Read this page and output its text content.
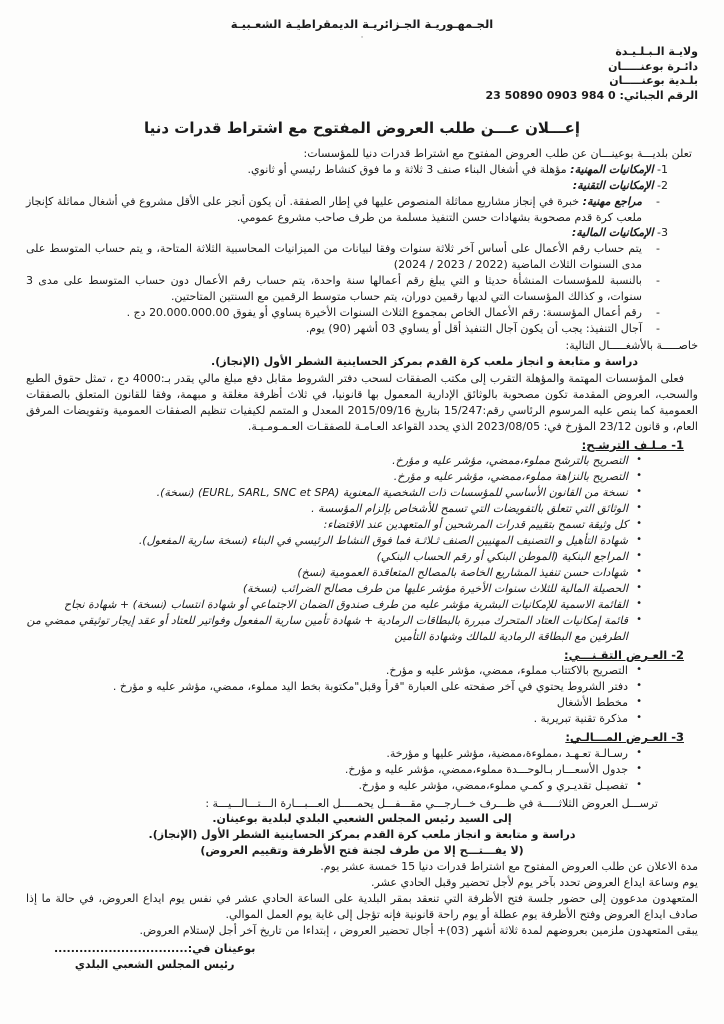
الجـمهـوريـة الجـزائريـة الديمقراطيـة الشعـبيـة
·
ولايـة الـبـلـيـدة
دائـرة بوعنـــــان
بلـدية بوعنـــــان
الرقم الجبائي: 0 984 0903 50890 23
إعـــلان عـــن طلب العروض المفتوح مع اشتراط قدرات دنيا
تعلن بلديـــة بوعينـــان عن طلب العروض المفتوح مع اشتراط قدرات دنيا للمؤسسات:
1- الإمكانيات المهنية: مؤهلة في أشغال البناء صنف 3 ثلاثة و ما فوق كنشاط رئيسي أو ثانوي.
2- الإمكانيات التقنية:
- مراجع مهنية: خبرة في إنجاز مشاريع مماثلة المنصوص عليها في إطار الصفقة. أن يكون أنجز على الأقل مشروع في أشغال مماثلة كإنجاز ملعب كرة قدم مصحوبة بشهادات حسن التنفيذ مسلمة من طرف صاحب مشروع عمومي.
3- الإمكانيات المالية:
- يتم حساب رقم الأعمال على أساس آخر ثلاثة سنوات وفقا لبيانات من الميزانيات المحاسبية الثلاثة المتاحة، و يتم حساب المتوسط على مدى السنوات الثلاث الماضية (2022 / 2023 / 2024)
- بالنسبة للمؤسسات المنشأة حديثا و التي يبلغ رقم أعمالها سنة واحدة، يتم حساب رقم الأعمال دون حساب المتوسط على مدى 3 سنوات، و كذالك المؤسسات التي لديها رقمين دوران، يتم حساب متوسط الرقمين مع السنتين المتاحتين.
- رقم أعمال المؤسسة: رقم الأعمال الخاص بمجموع الثلاث السنوات الأخيرة يساوي أو يفوق 20.000.000.00 دج .
- آجال التنفيذ: يجب أن يكون آجال التنفيذ أقل أو يساوي 03 أشهر (90) يوم.
خاصـــــة بالأشغـــــال التالية:
دراسة و متابعة و انجاز ملعب كرة القدم بمركز الحساينية الشطر الأول (الإنجاز).
فعلى المؤسسات المهتمة والمؤهلة التقرب إلى مكتب الصفقات لسحب دفتر الشروط مقابل دفع مبلغ مالي يقدر بـ:4000 دج ، تمثل حقوق الطبع والسحب، العروض المقدمة تكون مصحوبة بالوثائق الإدارية المعمول بها قانونيا، في ثلاث أظرفة مغلقة و مبهمة، وفقا للقانون المتعلق بالصفقات العمومية كما ينص عليه المرسوم الرئاسي رقم:15/247 بتاريخ 2015/09/16 المعدل و المتمم لكيفيات تنظيم الصفقات العمومية وتفويضات المرفق العام، و قانون 23/12 المؤرخ في: 2023/08/05 الذي يحدد القواعد العـامـة للصفقـات العـمـومـيـة.
1- مـلـف الترشـح:
• التصريح بالترشح مملوء،ممضي، مؤشر عليه و مؤرخ.
• التصريح بالنزاهة مملوء،ممضي، مؤشر عليه و مؤرخ.
• نسخة من القانون الأساسي للمؤسسات ذات الشخصية المعنوية (EURL, SARL, SNC et SPA) (نسخة).
• الوثائق التي تتعلق بالتفويضات التي تسمح للأشخاص بإلزام المؤسسة .
• كل وثيقة تسمح بتقييم قدرات المرشحين أو المتعهدين عند الاقتضاء:
• شهادة التأهيل و التصنيف المهنيين الصنف ثـلاثـة فما فوق النشاط الرئيسي في البناء (نسخة سارية المفعول).
• المراجع البنكية (الموطن البنكي أو رقم الحساب البنكي)
• شهادات حسن تنفيذ المشاريع الخاصة بالمصالح المتعاقدة العمومية (نسخ)
• الحصيلة المالية للثلاث سنوات الأخيرة مؤشر عليها من طرف مصالح الضرائب (نسخة)
• القائمة الاسمية للإمكانيات البشرية مؤشر عليه من طرف صندوق الضمان الاجتماعي أو شهادة انتساب (نسخة) + شهادة نجاح
• قائمة إمكانيات العتاد المتحرك مبررة بالبطاقات الرمادية + شهادة تأمين سارية المفعول وفواتير للعتاد أو عقد إيجار توثيقي ممضي من الطرفين مع البطاقة الرمادية للمالك وشهادة التأمين
2- العـرض التقـنـــي:
• التصريح بالاكتتاب مملوء، ممضي، مؤشر عليه و مؤرخ.
• دفتر الشروط يحتوي في آخر صفحته على العبارة "قرأ وقبل"مكتوبة بخط اليد مملوء، ممضي، مؤشر عليه و مؤرخ .
• مخطط الأشغال
• مذكرة تقنية تبريرية .
3- العـرض المـــالـي:
• رسـالـة تعـهـد ،مملوءة،ممضية، مؤشر عليها و مؤرخة.
• جدول الأسعـــار بـالوحـــدة مملوء،ممضي، مؤشر عليه و مؤرخ.
• تفصيـل تقديـري و كمـي مملوء،ممضي، مؤشر عليه و مؤرخ.
ترســـل العروض الثلاثـــــة في ظـــرف خـــارجـــي مقـــفـــل يحمـــــل العـــبـــارة الـــتـــالـــيـــة :
إلى السيد رئيس المجلس الشعبي البلدي لبلدية بوعينان.
دراسة و متابعة و انجاز ملعب كرة القدم بمركز الحساينية الشطر الأول (الإنجاز).
(لا يفـــتـــح إلا من طرف لجنة فتح الأظرفة وتقييم العروض)
مدة الاعلان عن طلب العروض المفتوح مع اشتراط قدرات دنيا 15 خمسة عشر يوم.
يوم وساعة ايداع العروض تحدد بآخر يوم لأجل تحضير وقبل الحادي عشر.
المتعهدون مدعوون إلى حضور جلسة فتح الأظرفة التي تنعقد بمقر البلدية على الساعة الحادي عشر في نفس يوم ايداع العروض، في حالة ما إذا صادف ايداع العروض وفتح الأظرفة يوم عطلة أو يوم راحة قانونية فإنه تؤجل إلى غاية يوم العمل الموالي.
يبقى المتعهدون ملزمين بعروضهم لمدة ثلاثة أشهر (03)+ أجال تحضير العروض ، إبتداءا من تاريخ آخر أجل لإستلام العروض.
بوعينان في:................................
رئيس المجلس الشعبي البلدي
